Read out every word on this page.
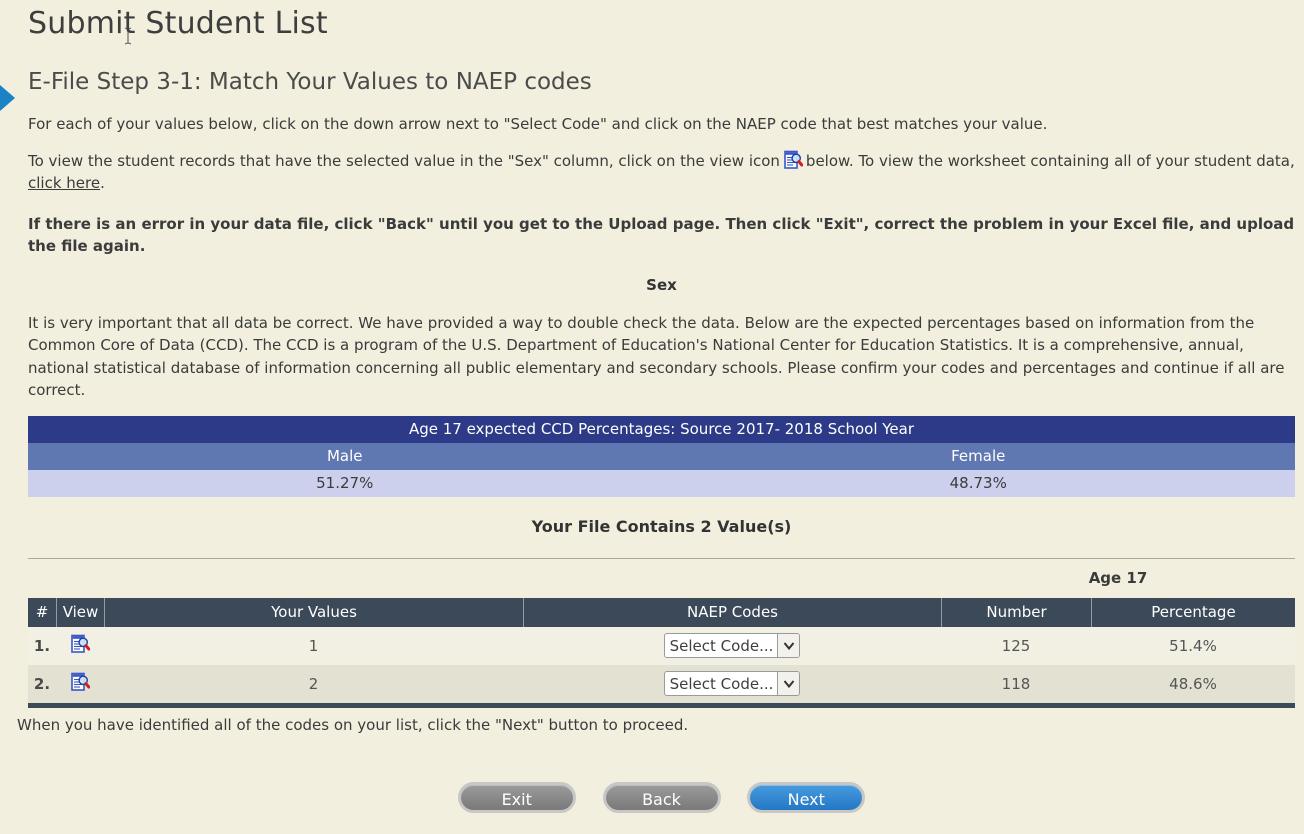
Submit Student List
E-File Step 3-1: Match Your Values to NAEP codes

For each of your values below, click on the down arrow next to "Select Code" and click on the NAEP code that best matches your value.

To view the student records that have the selected value in the "Sex" column, click on the view icon below. To view the worksheet containing all of your student data, click here.

If there is an error in your data file, click "Back" until you get to the Upload page. Then click "Exit", correct the problem in your Excel file, and upload the file again.

Sex

It is very important that all data be correct. We have provided a way to double check the data. Below are the expected percentages based on information from the Common Core of Data (CCD). The CCD is a program of the U.S. Department of Education's National Center for Education Statistics. It is a comprehensive, annual, national statistical database of information concerning all public elementary and secondary schools. Please confirm your codes and percentages and continue if all are correct.

Age 17 expected CCD Percentages: Source 2017- 2018 School Year
Male	Female
51.27%	48.73%
Your File Contains 2 Value(s)
Age 17
# View	Your Values	NAEP Codes	Number	Percentage
1.	1	Select Code...	125	51.4%
2.	2	Select Code...	118	48.6%
When you have identified all of the codes on your list, click the "Next" button to proceed.
Exit	Back	Next
